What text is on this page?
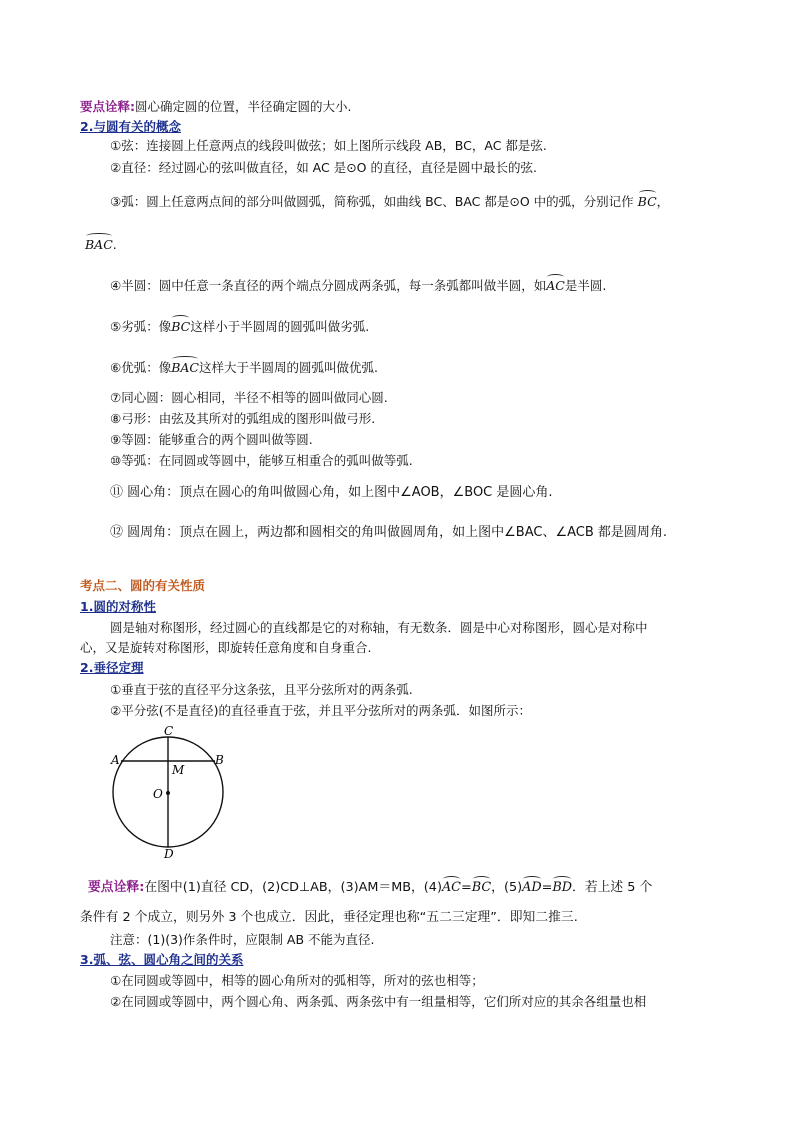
要点诠释:圆心确定圆的位置，半径确定圆的大小.
2.与圆有关的概念
①弦：连接圆上任意两点的线段叫做弦；如上图所示线段 AB，BC，AC 都是弦.
②直径：经过圆心的弦叫做直径，如 AC 是⊙O 的直径，直径是圆中最长的弦.
③弧：圆上任意两点间的部分叫做圆弧，简称弧，如曲线 BC、BAC 都是⊙O 中的弧，分别记作 BC，
BAC.
④半圆：圆中任意一条直径的两个端点分圆成两条弧，每一条弧都叫做半圆，如AC是半圆.
⑤劣弧：像BC这样小于半圆周的圆弧叫做劣弧.
⑥优弧：像BAC这样大于半圆周的圆弧叫做优弧.
⑦同心圆：圆心相同，半径不相等的圆叫做同心圆.
⑧弓形：由弦及其所对的弧组成的图形叫做弓形.
⑨等圆：能够重合的两个圆叫做等圆.
⑩等弧：在同圆或等圆中，能够互相重合的弧叫做等弧.
⑪ 圆心角：顶点在圆心的角叫做圆心角，如上图中∠AOB，∠BOC 是圆心角.
⑫ 圆周角：顶点在圆上，两边都和圆相交的角叫做圆周角，如上图中∠BAC、∠ACB 都是圆周角.
考点二、圆的有关性质
1.圆的对称性
圆是轴对称图形，经过圆心的直线都是它的对称轴，有无数条．圆是中心对称图形，圆心是对称中
心，又是旋转对称图形，即旋转任意角度和自身重合.
2.垂径定理
①垂直于弦的直径平分这条弦，且平分弦所对的两条弧.
②平分弦(不是直径)的直径垂直于弦，并且平分弦所对的两条弧．如图所示：
C
A	B
M
O
D
要点诠释:在图中(1)直径 CD，(2)CD⊥AB，(3)AM＝MB，(4)AC=BC，(5)AD=BD．若上述 5 个
条件有 2 个成立，则另外 3 个也成立．因此，垂径定理也称“五二三定理”．即知二推三.
注意：(1)(3)作条件时，应限制 AB 不能为直径.
3.弧、弦、圆心角之间的关系
①在同圆或等圆中，相等的圆心角所对的弧相等，所对的弦也相等；
②在同圆或等圆中，两个圆心角、两条弧、两条弦中有一组量相等，它们所对应的其余各组量也相
